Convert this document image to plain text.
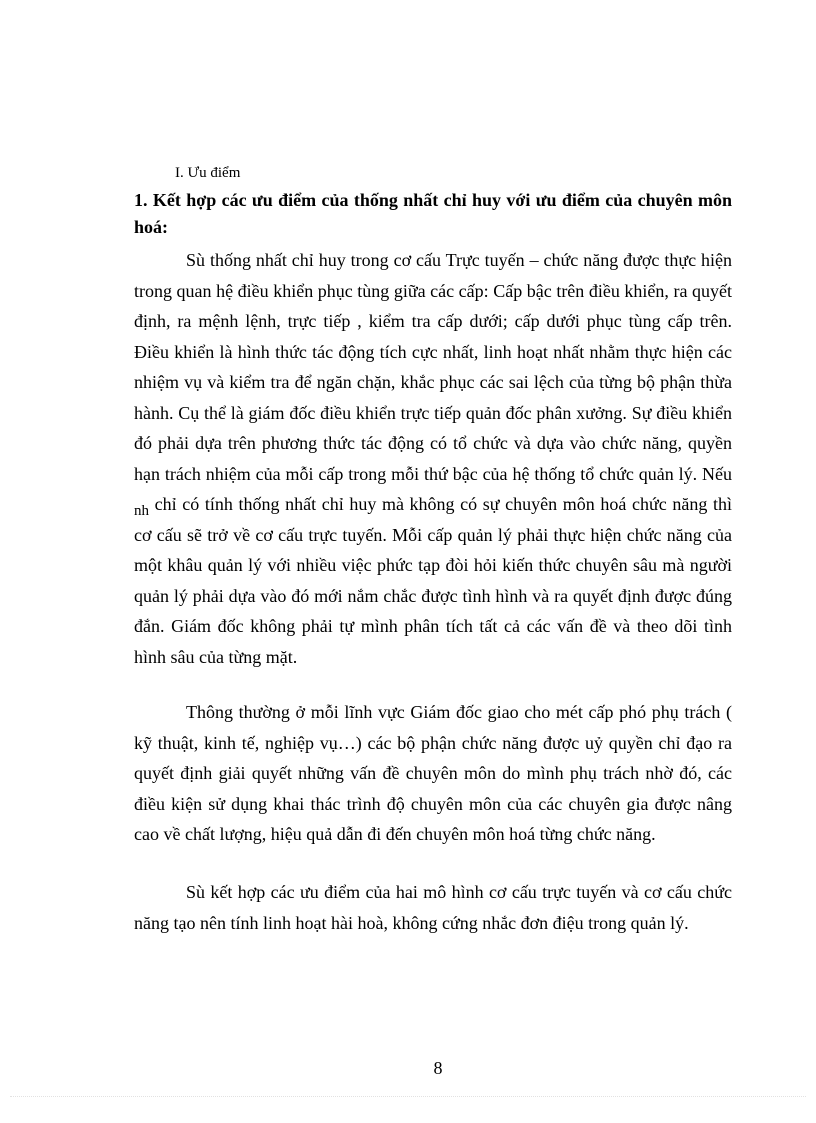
I. Ưu điểm
1. Kết hợp các ưu điểm của thống nhất chỉ huy với ưu điểm của chuyên môn hoá:

Sù thống nhất chỉ huy trong cơ cấu Trực tuyến – chức năng được thực hiện trong quan hệ điều khiển phục tùng giữa các cấp: Cấp bậc trên điều khiển, ra quyết định, ra mệnh lệnh, trực tiếp , kiểm tra cấp dưới; cấp dưới phục tùng cấp trên. Điều khiển là hình thức tác động tích cực nhất, linh hoạt nhất nhằm thực hiện các nhiệm vụ và kiểm tra để ngăn chặn, khắc phục các sai lệch của từng bộ phận thừa hành. Cụ thể là giám đốc điều khiển trực tiếp quản đốc phân xưởng. Sự điều khiển đó phải dựa trên phương thức tác động có tổ chức và dựa vào chức năng, quyền hạn trách nhiệm của mỗi cấp trong mỗi thứ bậc của hệ thống tổ chức quản lý. Nếu $_{nh}$ chỉ có tính thống nhất chỉ huy mà không có sự chuyên môn hoá chức năng thì cơ cấu sẽ trở về cơ cấu trực tuyến. Mỗi cấp quản lý phải thực hiện chức năng của một khâu quản lý với nhiều việc phức tạp đòi hỏi kiến thức chuyên sâu mà người quản lý phải dựa vào đó mới nắm chắc được tình hình và ra quyết định được đúng đắn. Giám đốc không phải tự mình phân tích tất cả các vấn đề và theo dõi tình hình sâu của từng mặt.

Thông thường ở mỗi lĩnh vực Giám đốc giao cho mét cấp phó phụ trách ( kỹ thuật, kinh tế, nghiệp vụ…) các bộ phận chức năng được uỷ quyền chỉ đạo ra quyết định giải quyết những vấn đề chuyên môn do mình phụ trách nhờ đó, các điều kiện sử dụng khai thác trình độ chuyên môn của các chuyên gia được nâng cao về chất lượng, hiệu quả dẫn đi đến chuyên môn hoá từng chức năng.

Sù kết hợp các ưu điểm của hai mô hình cơ cấu trực tuyến và cơ cấu chức năng tạo nên tính linh hoạt hài hoà, không cứng nhắc đơn điệu trong quản lý.

8
